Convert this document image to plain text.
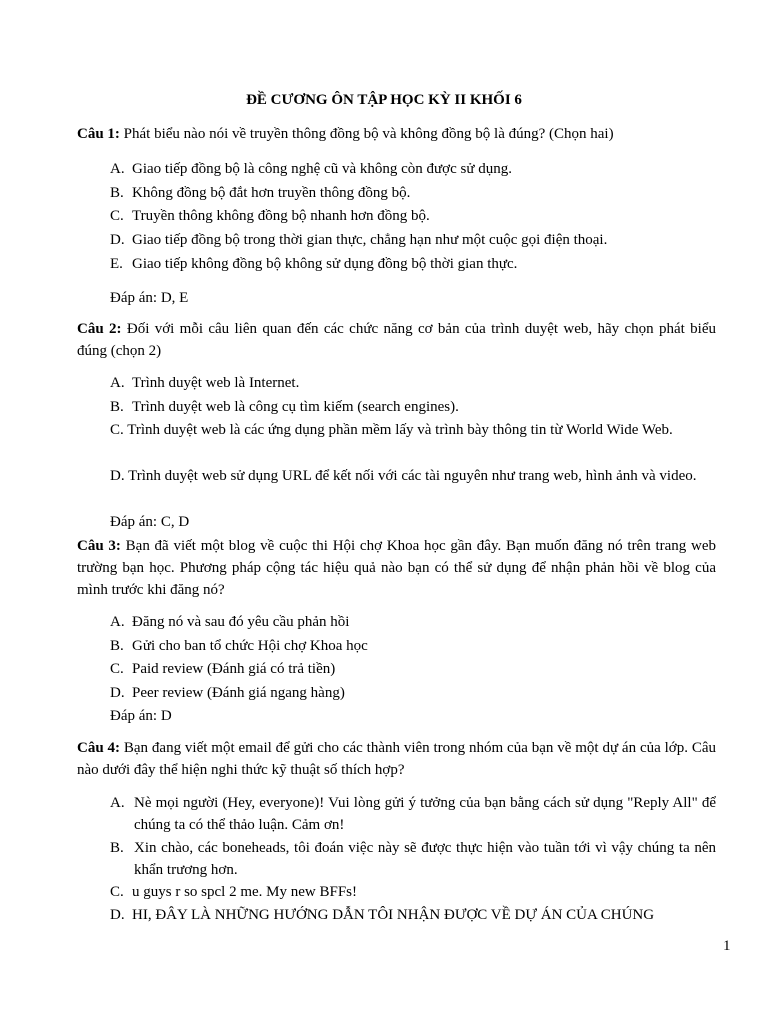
ĐỀ CƯƠNG ÔN TẬP HỌC KỲ II KHỐI 6

Câu 1: Phát biểu nào nói về truyền thông đồng bộ và không đồng bộ là đúng? (Chọn hai)

A. Giao tiếp đồng bộ là công nghệ cũ và không còn được sử dụng.
B. Không đồng bộ đắt hơn truyền thông đồng bộ.
C. Truyền thông không đồng bộ nhanh hơn đồng bộ.
D. Giao tiếp đồng bộ trong thời gian thực, chẳng hạn như một cuộc gọi điện thoại.
E. Giao tiếp không đồng bộ không sử dụng đồng bộ thời gian thực.
Đáp án: D, E

Câu 2: Đối với mỗi câu liên quan đến các chức năng cơ bản của trình duyệt web, hãy chọn phát biểu đúng (chọn 2)

A. Trình duyệt web là Internet.
B. Trình duyệt web là công cụ tìm kiếm (search engines).

C. Trình duyệt web là các ứng dụng phần mềm lấy và trình bày thông tin từ World Wide Web.

D. Trình duyệt web sử dụng URL để kết nối với các tài nguyên như trang web, hình ảnh và video.

Đáp án: C, D

Câu 3: Bạn đã viết một blog về cuộc thi Hội chợ Khoa học gần đây. Bạn muốn đăng nó trên trang web trường bạn học. Phương pháp cộng tác hiệu quả nào bạn có thể sử dụng để nhận phản hồi về blog của mình trước khi đăng nó?

A. Đăng nó và sau đó yêu cầu phản hồi
B. Gửi cho ban tổ chức Hội chợ Khoa học
C. Paid review (Đánh giá có trả tiền)
D. Peer review (Đánh giá ngang hàng)
Đáp án: D

Câu 4: Bạn đang viết một email để gửi cho các thành viên trong nhóm của bạn về một dự án của lớp. Câu nào dưới đây thể hiện nghi thức kỹ thuật số thích hợp?

A. Nè mọi người (Hey, everyone)! Vui lòng gửi ý tưởng của bạn bằng cách sử dụng "Reply All" để chúng ta có thể thảo luận. Cảm ơn!
B. Xin chào, các boneheads, tôi đoán việc này sẽ được thực hiện vào tuần tới vì vậy chúng ta nên khẩn trương hơn.
C. u guys r so spcl 2 me. My new BFFs!
D. HI, ĐÂY LÀ NHỮNG HƯỚNG DẪN TÔI NHẬN ĐƯỢC VỀ DỰ ÁN CỦA CHÚNG
1
